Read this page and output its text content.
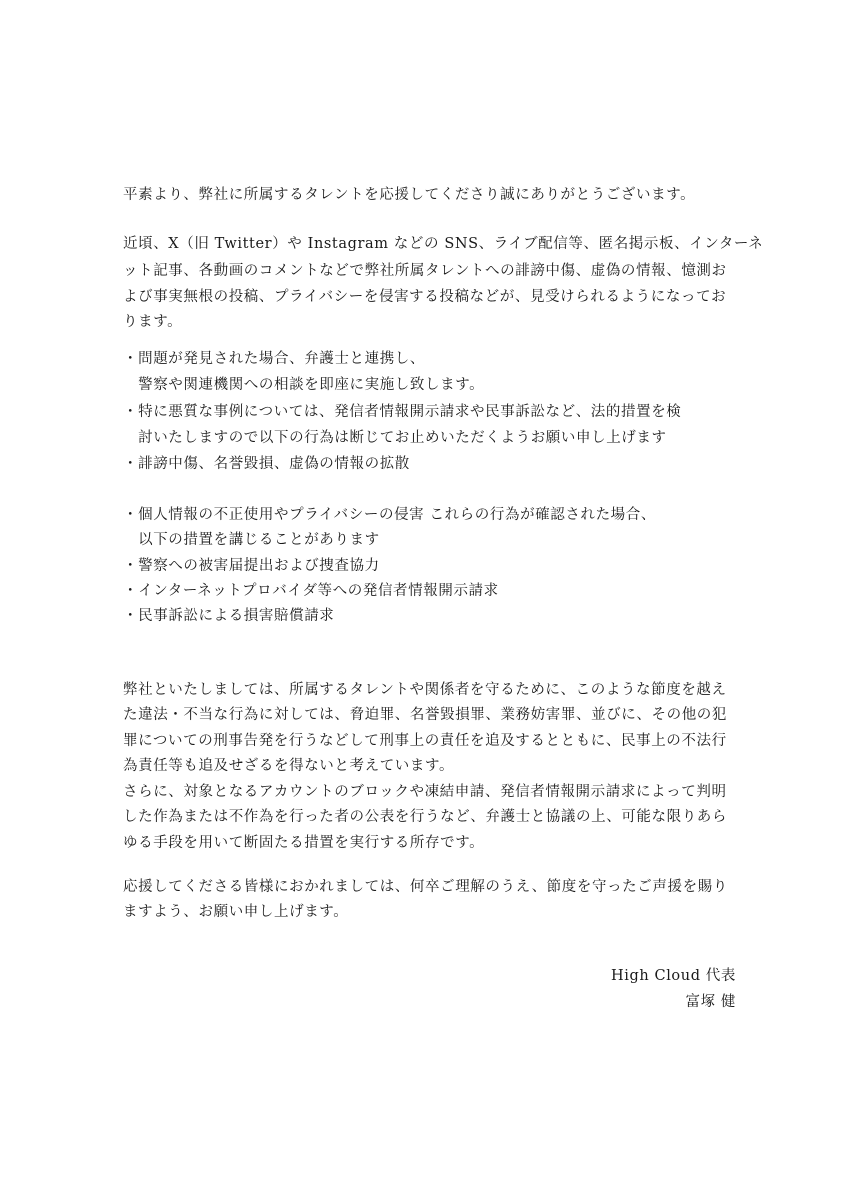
平素より、弊社に所属するタレントを応援してくださり誠にありがとうございます。
近頃、X（旧 Twitter）や Instagram などの SNS、ライブ配信等、匿名掲示板、インターネ
ット記事、各動画のコメントなどで弊社所属タレントへの誹謗中傷、虚偽の情報、憶測お
よび事実無根の投稿、プライバシーを侵害する投稿などが、見受けられるようになってお
ります。
・問題が発見された場合、弁護士と連携し、
　警察や関連機関への相談を即座に実施し致します。
・特に悪質な事例については、発信者情報開示請求や民事訴訟など、法的措置を検
　討いたしますので以下の行為は断じてお止めいただくようお願い申し上げます
・誹謗中傷、名誉毀損、虚偽の情報の拡散
・個人情報の不正使用やプライバシーの侵害 これらの行為が確認された場合、
　以下の措置を講じることがあります
・警察への被害届提出および捜査協力
・インターネットプロバイダ等への発信者情報開示請求
・民事訴訟による損害賠償請求
弊社といたしましては、所属するタレントや関係者を守るために、このような節度を越え
た違法・不当な行為に対しては、脅迫罪、名誉毀損罪、業務妨害罪、並びに、その他の犯
罪についての刑事告発を行うなどして刑事上の責任を追及するとともに、民事上の不法行
為責任等も追及せざるを得ないと考えています。
さらに、対象となるアカウントのブロックや凍結申請、発信者情報開示請求によって判明
した作為または不作為を行った者の公表を行うなど、弁護士と協議の上、可能な限りあら
ゆる手段を用いて断固たる措置を実行する所存です。
応援してくださる皆様におかれましては、何卒ご理解のうえ、節度を守ったご声援を賜り
ますよう、お願い申し上げます。
High Cloud 代表
富塚 健
